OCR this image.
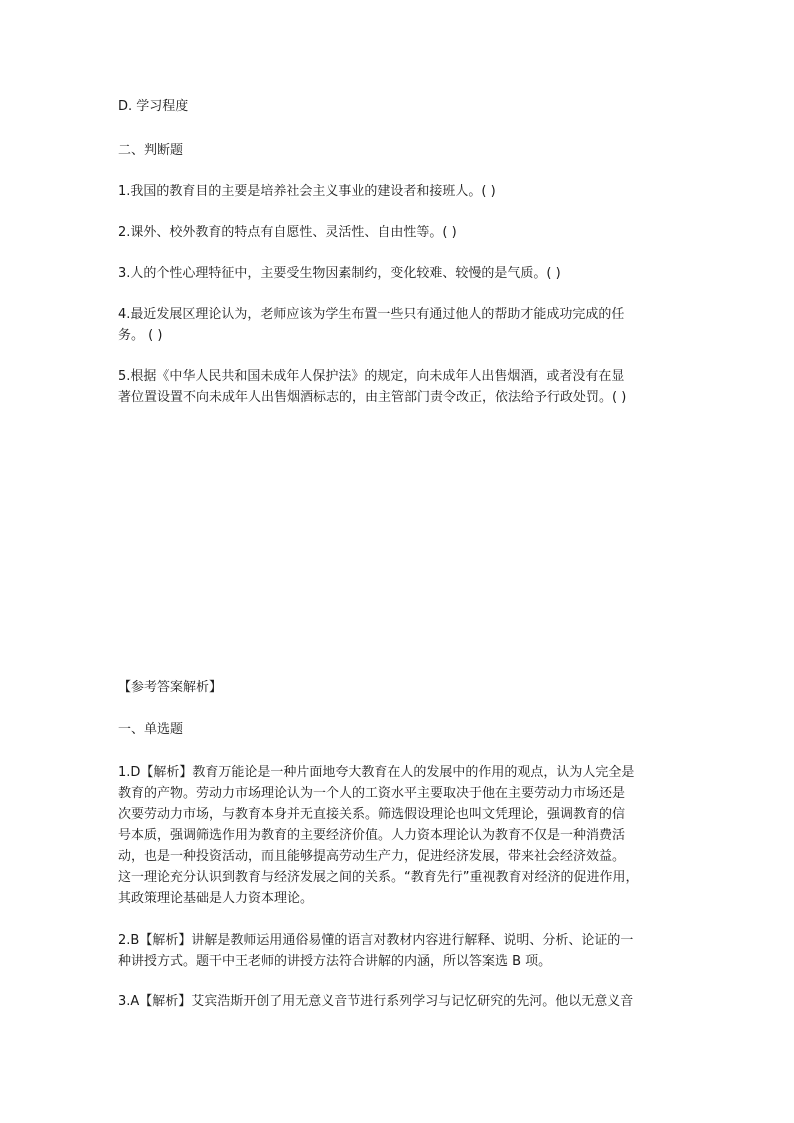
D. 学习程度
二、判断题
1.我国的教育目的主要是培养社会主义事业的建设者和接班人。( )
2.课外、校外教育的特点有自愿性、灵活性、自由性等。( )
3.人的个性心理特征中，主要受生物因素制约，变化较难、较慢的是气质。( )
4.最近发展区理论认为，老师应该为学生布置一些只有通过他人的帮助才能成功完成的任
务。 ( )
5.根据《中华人民共和国未成年人保护法》的规定，向未成年人出售烟酒，或者没有在显
著位置设置不向未成年人出售烟酒标志的，由主管部门责令改正，依法给予行政处罚。( )
【参考答案解析】
一、单选题
1.D【解析】教育万能论是一种片面地夸大教育在人的发展中的作用的观点，认为人完全是
教育的产物。劳动力市场理论认为一个人的工资水平主要取决于他在主要劳动力市场还是
次要劳动力市场，与教育本身并无直接关系。筛选假设理论也叫文凭理论，强调教育的信
号本质，强调筛选作用为教育的主要经济价值。人力资本理论认为教育不仅是一种消费活
动，也是一种投资活动，而且能够提高劳动生产力，促进经济发展，带来社会经济效益。
这一理论充分认识到教育与经济发展之间的关系。“教育先行”重视教育对经济的促进作用，
其政策理论基础是人力资本理论。
2.B【解析】讲解是教师运用通俗易懂的语言对教材内容进行解释、说明、分析、论证的一
种讲授方式。题干中王老师的讲授方法符合讲解的内涵，所以答案选 B 项。
3.A【解析】艾宾浩斯开创了用无意义音节进行系列学习与记忆研究的先河。他以无意义音
